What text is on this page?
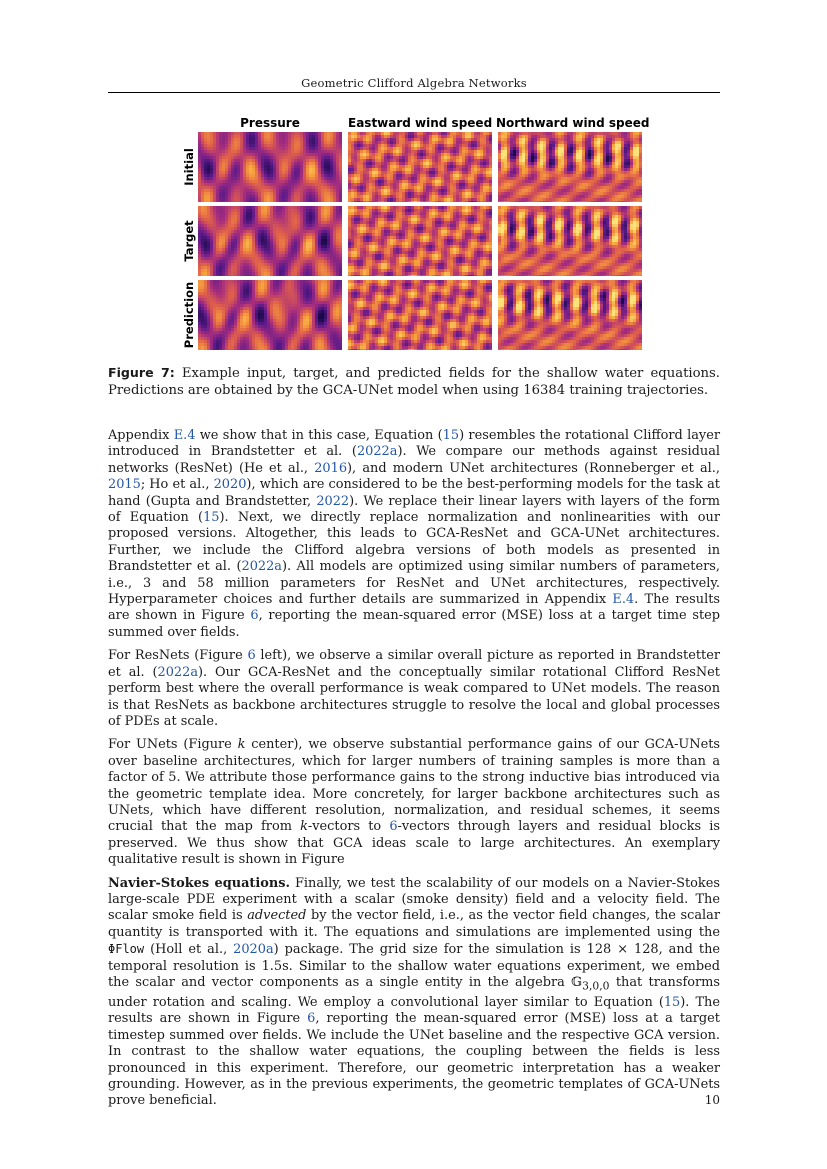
Geometric Clifford Algebra Networks
Pressure	Eastward wind speed Northward wind speed
Initial
Target
Prediction
Figure 7: Example input, target, and predicted fields for the shallow water equations. Predictions are obtained by the GCA-UNet model when using 16384 training trajectories.

Appendix E.4 we show that in this case, Equation (15) resembles the rotational Clifford layer introduced in Brandstetter et al. (2022a). We compare our methods against residual networks (ResNet) (He et al., 2016), and modern UNet architectures (Ronneberger et al., 2015; Ho et al., 2020), which are considered to be the best-performing models for the task at hand (Gupta and Brandstetter, 2022). We replace their linear layers with layers of the form of Equation (15). Next, we directly replace normalization and nonlinearities with our proposed versions. Altogether, this leads to GCA-ResNet and GCA-UNet architectures. Further, we include the Clifford algebra versions of both models as presented in Brandstetter et al. (2022a). All models are optimized using similar numbers of parameters, i.e., 3 and 58 million parameters for ResNet and UNet architectures, respectively. Hyperparameter choices and further details are summarized in Appendix E.4. The results are shown in Figure 6, reporting the mean-squared error (MSE) loss at a target time step summed over fields.

For ResNets (Figure 6 left), we observe a similar overall picture as reported in Brandstetter et al. (2022a). Our GCA-ResNet and the conceptually similar rotational Clifford ResNet perform best where the overall performance is weak compared to UNet models. The reason is that ResNets as backbone architectures struggle to resolve the local and global processes of PDEs at scale.

For UNets (Figure k center), we observe substantial performance gains of our GCA-UNets over baseline architectures, which for larger numbers of training samples is more than a factor of 5. We attribute those performance gains to the strong inductive bias introduced via the geometric template idea. More concretely, for larger backbone architectures such as UNets, which have different resolution, normalization, and residual schemes, it seems crucial that the map from k-vectors to 6-vectors through layers and residual blocks is preserved. We thus show that GCA ideas scale to large architectures. An exemplary qualitative result is shown in Figure

Navier-Stokes equations. Finally, we test the scalability of our models on a Navier-Stokes large-scale PDE experiment with a scalar (smoke density) field and a velocity field. The scalar smoke field is advected by the vector field, i.e., as the vector field changes, the scalar quantity is transported with it. The equations and simulations are implemented using the ΦFlow (Holl et al., 2020a) package. The grid size for the simulation is 128 × 128, and the temporal resolution is 1.5s. Similar to the shallow water equations experiment, we embed the scalar and vector components as a single entity in the algebra 𝔾$_{3,0,0}$ that transforms under rotation and scaling. We employ a convolutional layer similar to Equation (15). The results are shown in Figure 6, reporting the mean-squared error (MSE) loss at a target timestep summed over fields. We include the UNet baseline and the respective GCA version. In contrast to the shallow water equations, the coupling between the fields is less pronounced in this experiment. Therefore, our geometric interpretation has a weaker grounding. However, as in the previous experiments, the geometric templates of GCA-UNets prove beneficial.	10
